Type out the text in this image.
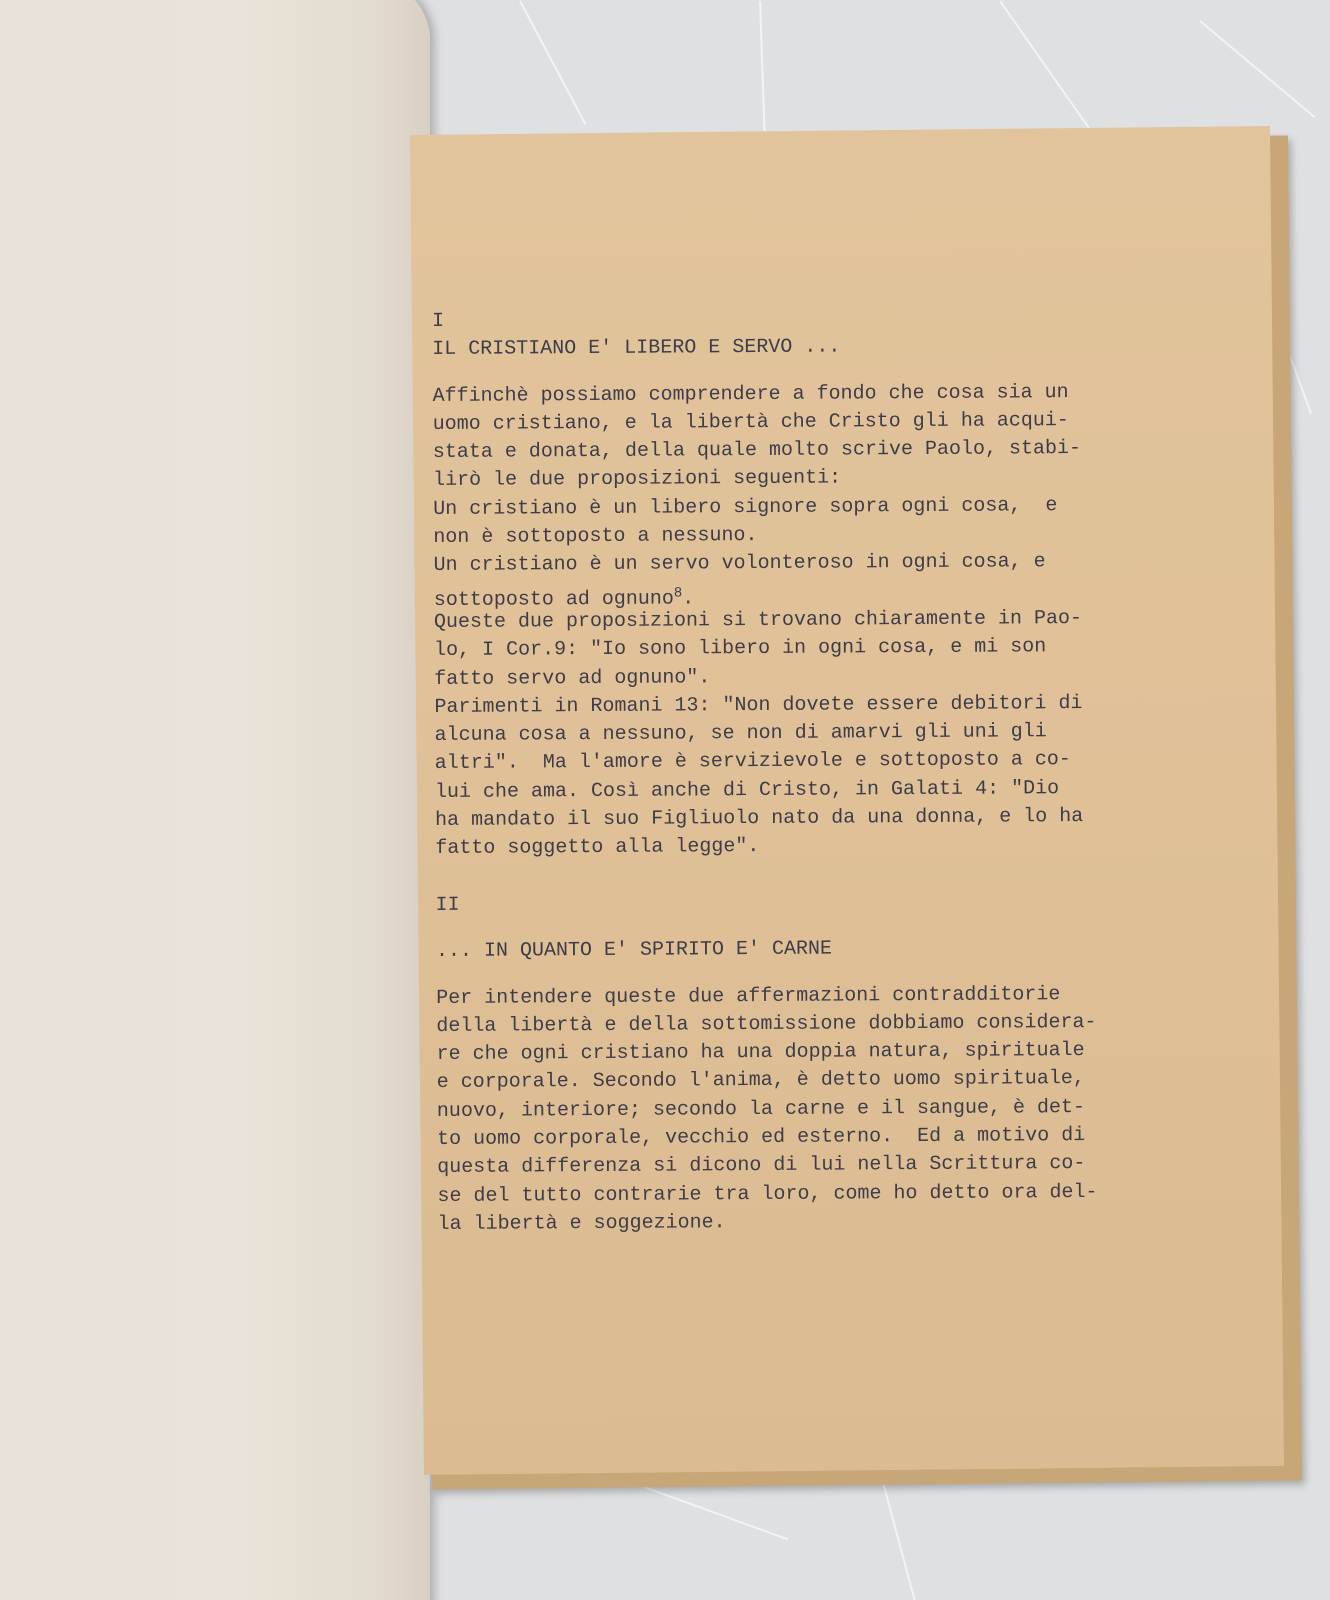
I
IL CRISTIANO E' LIBERO E SERVO ...
Affinchè possiamo comprendere a fondo che cosa sia un
uomo cristiano, e la libertà che Cristo gli ha acqui-
stata e donata, della quale molto scrive Paolo, stabi-
lirò le due proposizioni seguenti:
Un cristiano è un libero signore sopra ogni cosa,  e
non è sottoposto a nessuno.
Un cristiano è un servo volonteroso in ogni cosa, e
sottoposto ad ognuno$^8$.
Queste due proposizioni si trovano chiaramente in Pao-
lo, I Cor.9: "Io sono libero in ogni cosa, e mi son
fatto servo ad ognuno".
Parimenti in Romani 13: "Non dovete essere debitori di
alcuna cosa a nessuno, se non di amarvi gli uni gli
altri".  Ma l'amore è servizievole e sottoposto a co-
lui che ama. Così anche di Cristo, in Galati 4: "Dio
ha mandato il suo Figliuolo nato da una donna, e lo ha
fatto soggetto alla legge".
II
... IN QUANTO E' SPIRITO E' CARNE
Per intendere queste due affermazioni contradditorie
della libertà e della sottomissione dobbiamo considera-
re che ogni cristiano ha una doppia natura, spirituale
e corporale. Secondo l'anima, è detto uomo spirituale,
nuovo, interiore; secondo la carne e il sangue, è det-
to uomo corporale, vecchio ed esterno.  Ed a motivo di
questa differenza si dicono di lui nella Scrittura co-
se del tutto contrarie tra loro, come ho detto ora del-
la libertà e soggezione.
